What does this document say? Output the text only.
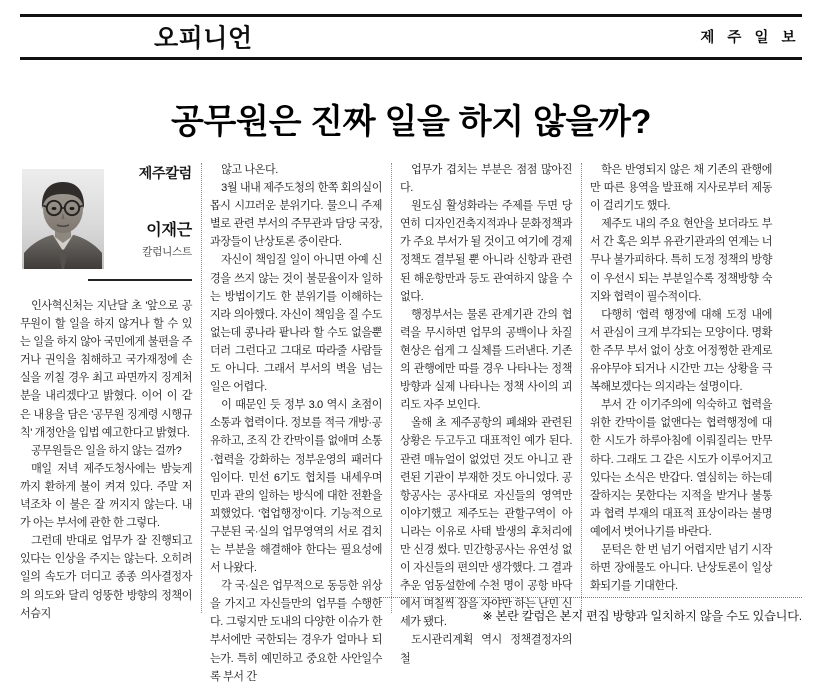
오피니언	제 주 일 보
공무원은 진짜 일을 하지 않을까?
제주칼럼
이재근
칼럼니스트

인사혁신처는 지난달 초 '앞으로 공무원이 할 일을 하지 않거나 할 수 있는 일을 하지 않아 국민에게 불편을 주거나 권익을 침해하고 국가재정에 손실을 끼칠 경우 최고 파면까지 징계처분을 내리겠다'고 밝혔다. 이어 이 같은 내용을 담은 '공무원 징계령 시행규칙' 개정안을 입법 예고한다고 밝혔다.

공무원들은 일을 하지 않는 걸까?

매일 저녁 제주도청사에는 밤늦게까지 환하게 불이 켜져 있다. 주말 저녁조차 이 불은 잘 꺼지지 않는다. 내가 아는 부서에 관한 한 그렇다.

그런데 반대로 업무가 잘 진행되고 있다는 인상을 주지는 않는다. 오히려 일의 속도가 더디고 종종 의사결정자의 의도와 달리 엉뚱한 방향의 정책이 서슴지

않고 나온다.

3월 내내 제주도청의 한쪽 회의실이 몹시 시끄러운 분위기다. 물으니 주제별로 관련 부서의 주무관과 담당 국장, 과장들이 난상토론 중이란다.

자신이 책임질 일이 아니면 아예 신경을 쓰지 않는 것이 불문율이자 일하는 방법이기도 한 분위기를 이해하는지라 의아했다. 자신이 책임을 질 수도 없는데 콩나라 팥나라 할 수도 없을뿐더러 그런다고 그대로 따라줄 사람들도 아니다. 그래서 부서의 벽을 넘는 일은 어렵다.

이 때문인 듯 정부 3.0 역시 초점이 소통과 협력이다. 정보를 적극 개방·공유하고, 조직 간 칸막이를 없애며 소통·협력을 강화하는 정부운영의 패러다임이다. 민선 6기도 협치를 내세우며 민과 관의 일하는 방식에 대한 전환을 꾀했었다. '협업행정'이다. 기능적으로 구분된 국·실의 업무영역의 서로 겹치는 부분을 해결해야 한다는 필요성에서 나왔다.

각 국·실은 업무적으로 동등한 위상을 가지고 자신들만의 업무를 수행한다. 그렇지만 도내의 다양한 이슈가 한 부서에만 국한되는 경우가 얼마나 되는가. 특히 예민하고 중요한 사안일수록 부서 간

업무가 겹치는 부분은 점점 많아진다.

원도심 활성화라는 주제를 두면 당연히 디자인건축지적과나 문화정책과가 주요 부서가 될 것이고 여기에 경제정책도 결부될 뿐 아니라 신항과 관련된 해운항만과 등도 관여하지 않을 수 없다.

행정부서는 물론 관계기관 간의 협력을 무시하면 업무의 공백이나 차질 현상은 쉽게 그 실체를 드러낸다. 기존의 관행에만 따를 경우 나타나는 정책방향과 실제 나타나는 정책 사이의 괴리도 자주 보인다.

올해 초 제주공항의 폐쇄와 관련된 상황은 두고두고 대표적인 예가 된다. 관련 매뉴얼이 없었던 것도 아니고 관련된 기관이 부재한 것도 아니었다. 공항공사는 공사대로 자신들의 영역만 이야기했고 제주도는 관할구역이 아니라는 이유로 사태 발생의 후처리에만 신경 썼다. 민간항공사는 유연성 없이 자신들의 편의만 생각했다. 그 결과 추운 엄동설한에 수천 명이 공항 바닥에서 며칠씩 잠을 자야만 하는 난민 신세가 됐다.

도시관리계획 역시 정책결정자의 철

학은 반영되지 않은 채 기존의 관행에만 따른 용역을 발표해 지사로부터 제동이 걸리기도 했다.

제주도 내의 주요 현안을 보더라도 부서 간 혹은 외부 유관기관과의 연계는 너무나 불가피하다. 특히 도정 정책의 방향이 우선시 되는 부분일수록 정책방향 숙지와 협력이 필수적이다.

다행히 '협력 행정'에 대해 도정 내에서 관심이 크게 부각되는 모양이다. 명확한 주무 부서 없이 상호 어정쩡한 관계로 유야무야 되거나 시간만 끄는 상황을 극복해보겠다는 의지라는 설명이다.

부서 간 이기주의에 익숙하고 협력을 위한 칸막이를 없앤다는 협력행정에 대한 시도가 하루아침에 이뤄질리는 만무하다. 그래도 그 같은 시도가 이루어지고 있다는 소식은 반갑다. 열심히는 하는데 잘하지는 못한다는 지적을 받거나 불통과 협력 부재의 대표적 표상이라는 불명예에서 벗어나기를 바란다.

문턱은 한 번 넘기 어렵지만 넘기 시작하면 장애물도 아니다. 난상토론이 일상화되기를 기대한다.

※ 본란 칼럼은 본지 편집 방향과 일치하지 않을 수도 있습니다.
